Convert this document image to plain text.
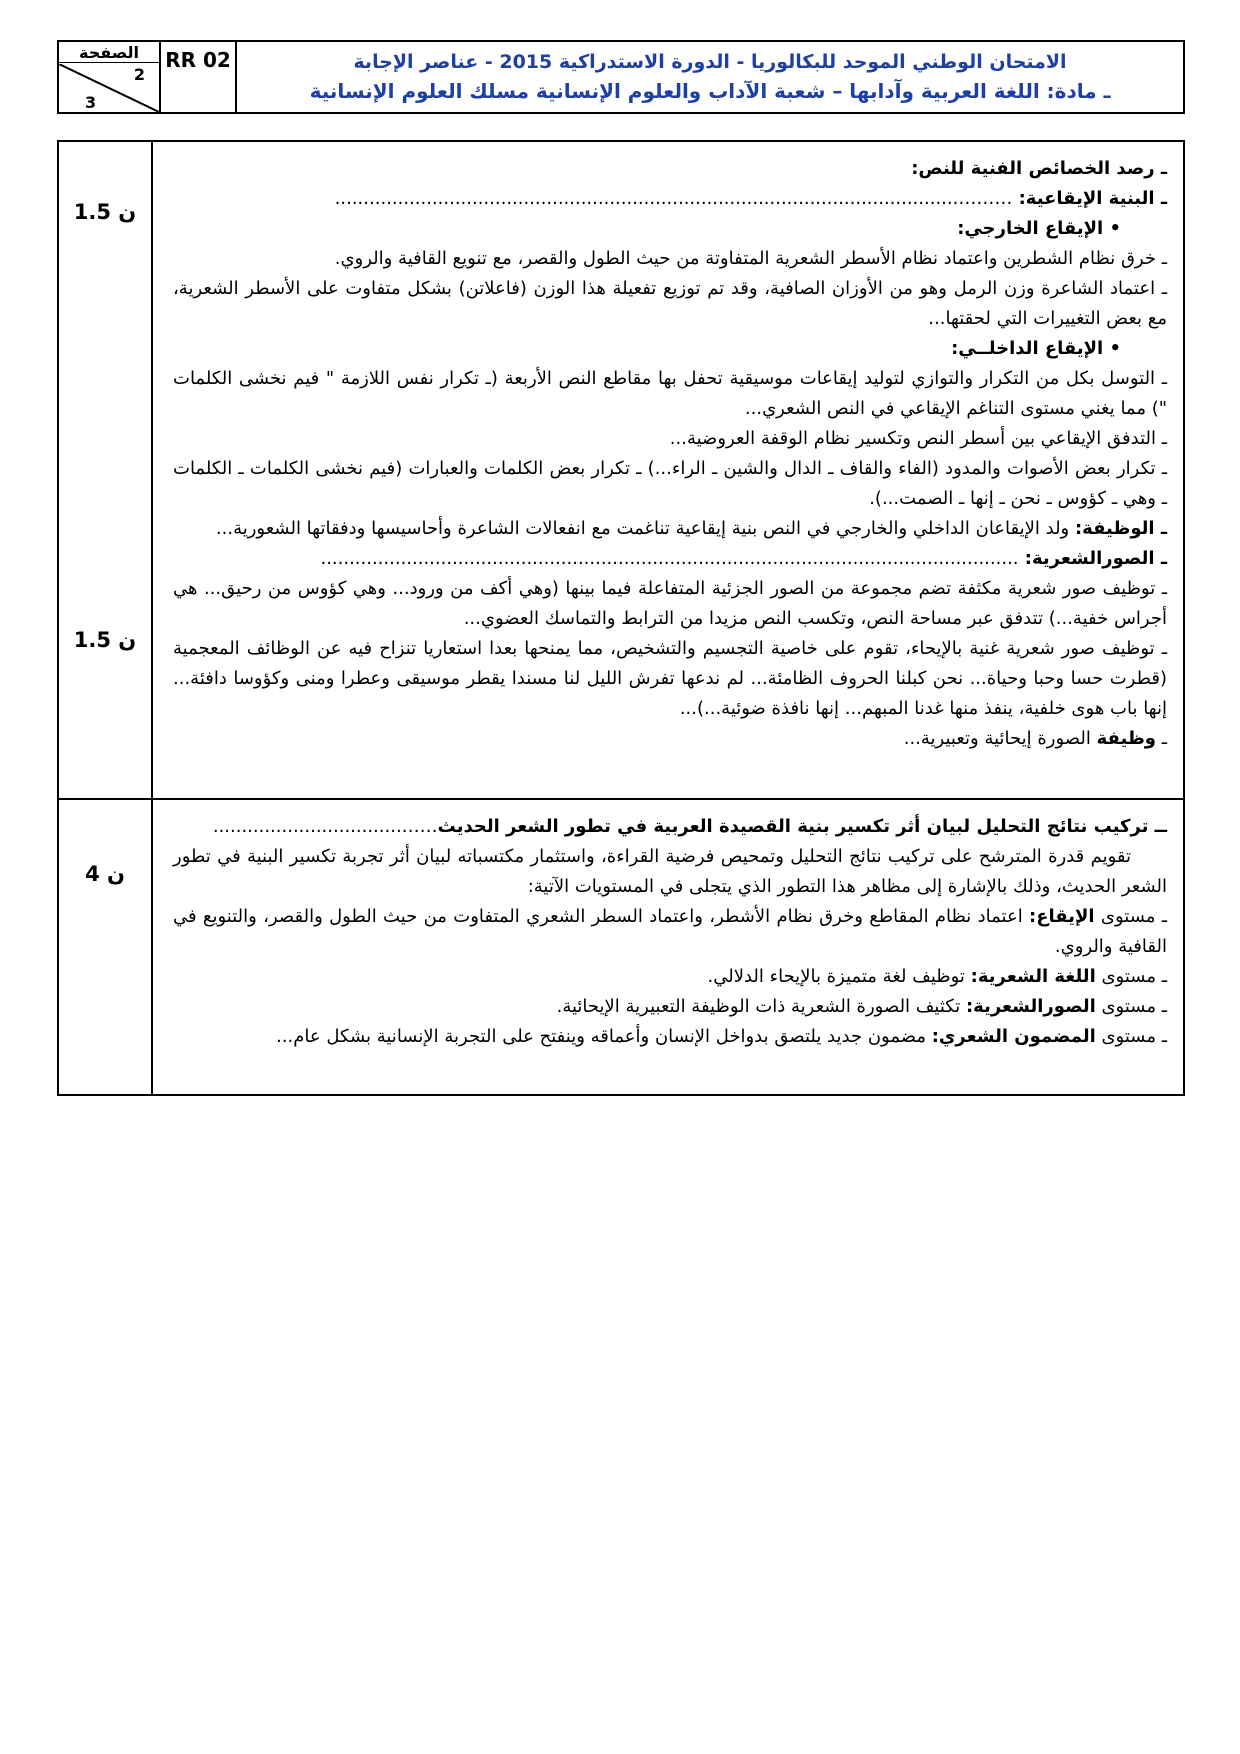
الامتحان الوطني الموحد للبكالوريا - الدورة الاستدراكية 2015 - عناصر الإجابة
ـ مادة: اللغة العربية وآدابها – شعبة الآداب والعلوم الإنسانية مسلك العلوم الإنسانية
RR 02
الصفحة
2
3

ـ رصد الخصائص الفنية للنص:

ـ البنية الإيقاعية: ……….............................................................................................................

• الإيقاع الخارجي:

ـ خرق نظام الشطرين واعتماد نظام الأسطر الشعرية المتفاوتة من حيث الطول والقصر، مع تنويع القافية والروي.

ـ اعتماد الشاعرة وزن الرمل وهو من الأوزان الصافية، وقد تم توزيع تفعيلة هذا الوزن (فاعلاتن) بشكل متفاوت على الأسطر الشعرية، مع بعض التغييرات التي لحقتها...

• الإيقاع الداخلــي:

ـ التوسل بكل من التكرار والتوازي لتوليد إيقاعات موسيقية تحفل بها مقاطع النص الأربعة (ـ تكرار نفس اللازمة " فيم نخشى الكلمات ") مما يغني مستوى التناغم الإيقاعي في النص الشعري...

ـ التدفق الإيقاعي بين أسطر النص وتكسير نظام الوقفة العروضية...

ـ تكرار بعض الأصوات والمدود (الفاء والقاف ـ الدال والشين ـ الراء...) ـ تكرار بعض الكلمات والعبارات (فيم نخشى الكلمات ـ الكلمات ـ وهي ـ كؤوس ـ نحن ـ إنها ـ الصمت...).

ـ الوظيفة: ولد الإيقاعان الداخلي والخارجي في النص بنية إيقاعية تناغمت مع انفعالات الشاعرة وأحاسيسها ودفقاتها الشعورية...

ـ الصورالشعرية: ..........................................................................................................................

ـ توظيف صور شعرية مكثفة تضم مجموعة من الصور الجزئية المتفاعلة فيما بينها (وهي أكف من ورود... وهي كؤوس من رحيق... هي أجراس خفية...) تتدفق عبر مساحة النص، وتكسب النص مزيدا من الترابط والتماسك العضوي...

ـ توظيف صور شعرية غنية بالإيحاء، تقوم على خاصية التجسيم والتشخيص، مما يمنحها بعدا استعاريا تنزاح فيه عن الوظائف المعجمية (قطرت حسا وحبا وحياة... نحن كبلنا الحروف الظامئة... لم ندعها تفرش الليل لنا مسندا يقطر موسيقى وعطرا ومنى وكؤوسا دافئة... إنها باب هوى خلفية، ينفذ منها غدنا المبهم... إنها نافذة ضوئية...)...

ـ وظيفة الصورة إيحائية وتعبيرية...

1.5 ن
1.5 ن

ــ تركيب نتائج التحليل لبيان أثر تكسير بنية القصيدة العربية في تطور الشعر الحديث…….................................

تقويم قدرة المترشح على تركيب نتائج التحليل وتمحيص فرضية القراءة، واستثمار مكتسباته لبيان أثر تجربة تكسير البنية في تطور الشعر الحديث، وذلك بالإشارة إلى مظاهر هذا التطور الذي يتجلى في المستويات الآتية:

ـ مستوى الإيقاع: اعتماد نظام المقاطع وخرق نظام الأشطر، واعتماد السطر الشعري المتفاوت من حيث الطول والقصر، والتنويع في القافية والروي.

ـ مستوى اللغة الشعرية: توظيف لغة متميزة بالإيحاء الدلالي.

ـ مستوى الصورالشعرية: تكثيف الصورة الشعرية ذات الوظيفة التعبيرية الإيحائية.

ـ مستوى المضمون الشعري: مضمون جديد يلتصق بدواخل الإنسان وأعماقه وينفتح على التجربة الإنسانية بشكل عام...

4 ن
